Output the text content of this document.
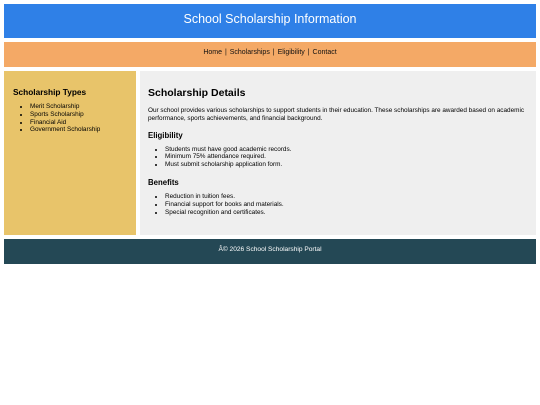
School Scholarship Information
Home | Scholarships | Eligibility | Contact
Scholarship Types
• Merit Scholarship
• Sports Scholarship
• Financial Aid
• Government Scholarship
Scholarship Details

Our school provides various scholarships to support students in their education. These scholarships are awarded based on academic performance, sports achievements, and financial background.

Eligibility
• Students must have good academic records.
• Minimum 75% attendance required.
• Must submit scholarship application form.
Benefits
• Reduction in tuition fees.
• Financial support for books and materials.
• Special recognition and certificates.
Â© 2026 School Scholarship Portal
